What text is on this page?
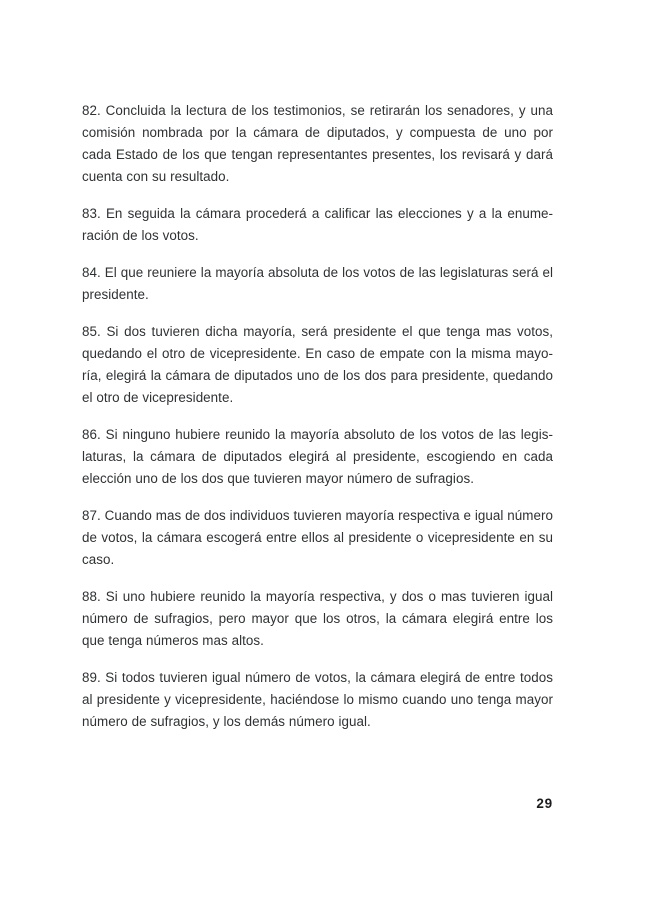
82. Concluida la lectura de los testimonios, se retirarán los senadores, y una comisión nombrada por la cámara de diputados, y compuesta de uno por cada Estado de los que tengan representantes presentes, los revisará y dará cuenta con su resultado.

83. En seguida la cámara procederá a calificar las elecciones y a la enumeración de los votos.

84. El que reuniere la mayoría absoluta de los votos de las legislaturas será el presidente.

85. Si dos tuvieren dicha mayoría, será presidente el que tenga mas votos, quedando el otro de vicepresidente. En caso de empate con la misma mayoría, elegirá la cámara de diputados uno de los dos para presidente, quedando el otro de vicepresidente.

86. Si ninguno hubiere reunido la mayoría absoluto de los votos de las legislaturas, la cámara de diputados elegirá al presidente, escogiendo en cada elección uno de los dos que tuvieren mayor número de sufragios.

87. Cuando mas de dos individuos tuvieren mayoría respectiva e igual número de votos, la cámara escogerá entre ellos al presidente o vicepresidente en su caso.

88. Si uno hubiere reunido la mayoría respectiva, y dos o mas tuvieren igual número de sufragios, pero mayor que los otros, la cámara elegirá entre los que tenga números mas altos.

89. Si todos tuvieren igual número de votos, la cámara elegirá de entre todos al presidente y vicepresidente, haciéndose lo mismo cuando uno tenga mayor número de sufragios, y los demás número igual.

29
